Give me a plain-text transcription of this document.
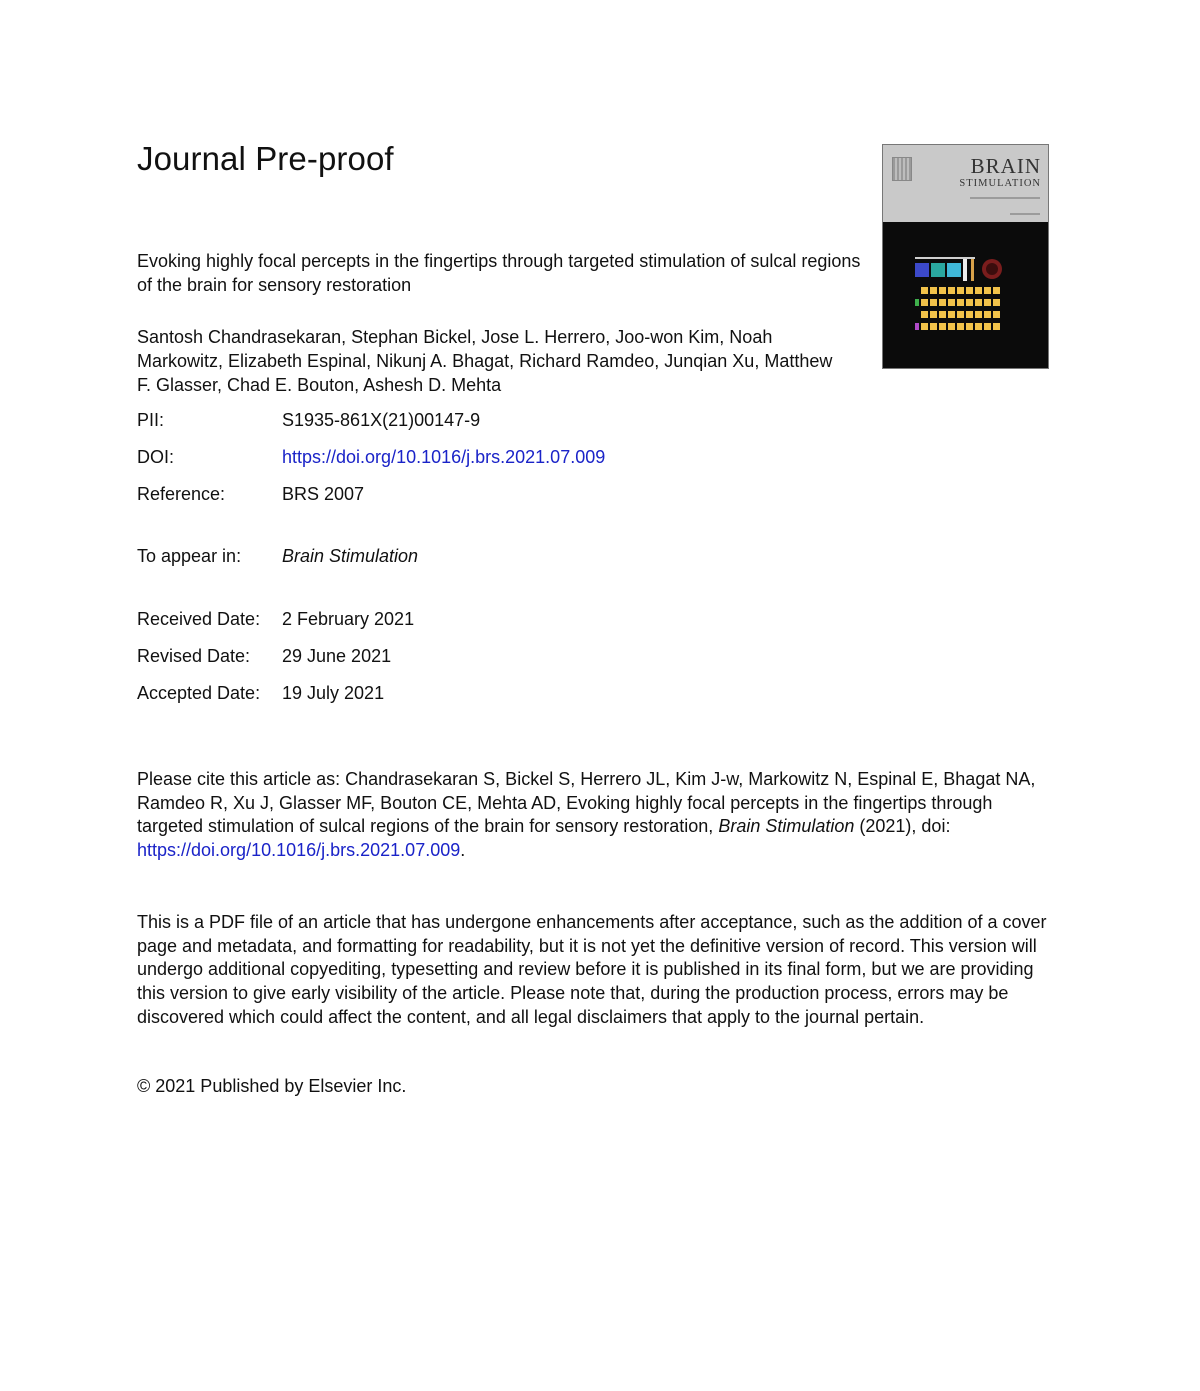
Journal Pre-proof	BRAIN
STIMULATION

Evoking highly focal percepts in the fingertips through targeted stimulation of sulcal regions of the brain for sensory restoration

Santosh Chandrasekaran, Stephan Bickel, Jose L. Herrero, Joo-won Kim, Noah Markowitz, Elizabeth Espinal, Nikunj A. Bhagat, Richard Ramdeo, Junqian Xu, Matthew F. Glasser, Chad E. Bouton, Ashesh D. Mehta

PII:	S1935-861X(21)00147-9
DOI:	https://doi.org/10.1016/j.brs.2021.07.009
Reference:	BRS 2007
To appear in: Brain Stimulation
Received Date: 2 February 2021
Revised Date: 29 June 2021
Accepted Date: 19 July 2021

Please cite this article as: Chandrasekaran S, Bickel S, Herrero JL, Kim J-w, Markowitz N, Espinal E, Bhagat NA, Ramdeo R, Xu J, Glasser MF, Bouton CE, Mehta AD, Evoking highly focal percepts in the fingertips through targeted stimulation of sulcal regions of the brain for sensory restoration, Brain Stimulation (2021), doi: https://doi.org/10.1016/j.brs.2021.07.009.

This is a PDF file of an article that has undergone enhancements after acceptance, such as the addition of a cover page and metadata, and formatting for readability, but it is not yet the definitive version of record. This version will undergo additional copyediting, typesetting and review before it is published in its final form, but we are providing this version to give early visibility of the article. Please note that, during the production process, errors may be discovered which could affect the content, and all legal disclaimers that apply to the journal pertain.

© 2021 Published by Elsevier Inc.
